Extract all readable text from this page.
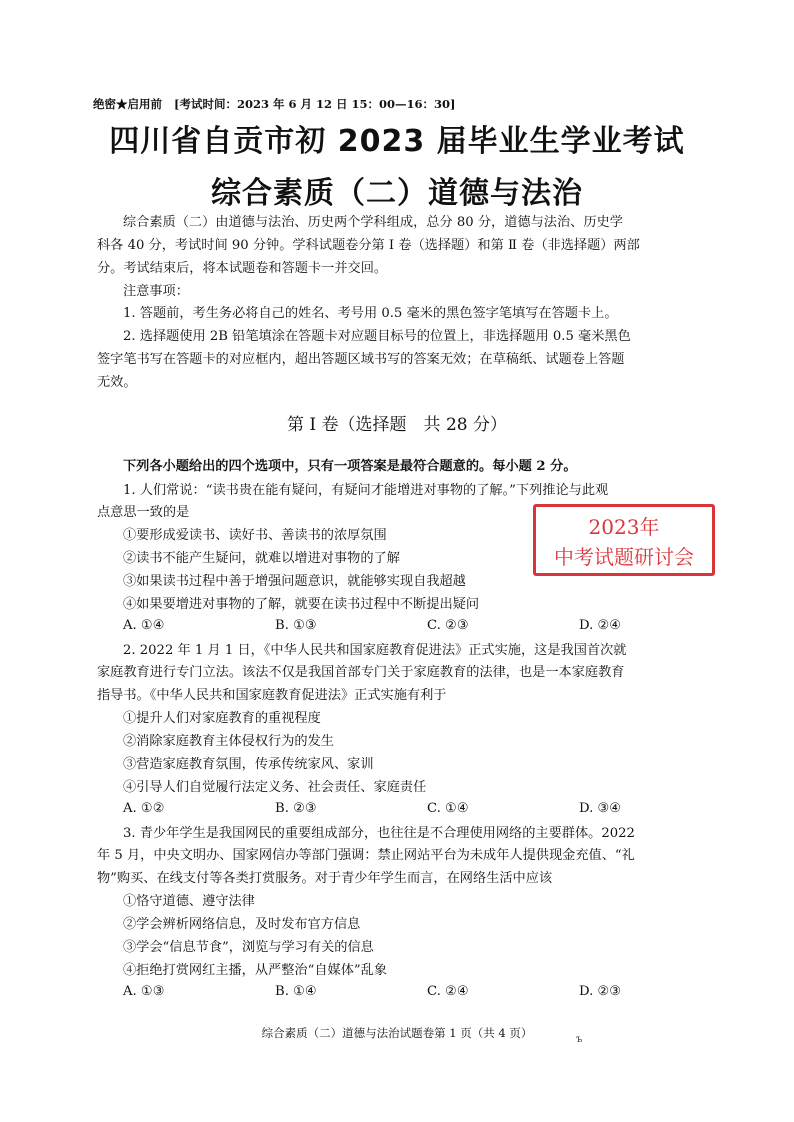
绝密★启用前 [考试时间：2023 年 6 月 12 日 15：00—16：30]
四川省自贡市初 2023 届毕业生学业考试
综合素质（二）道德与法治
综合素质（二）由道德与法治、历史两个学科组成，总分 80 分，道德与法治、历史学
科各 40 分，考试时间 90 分钟。学科试题卷分第 Ⅰ 卷（选择题）和第 Ⅱ 卷（非选择题）两部
分。考试结束后，将本试题卷和答题卡一并交回。
注意事项：
1. 答题前，考生务必将自己的姓名、考号用 0.5 毫米的黑色签字笔填写在答题卡上。
2. 选择题使用 2B 铅笔填涂在答题卡对应题目标号的位置上，非选择题用 0.5 毫米黑色
签字笔书写在答题卡的对应框内，超出答题区域书写的答案无效；在草稿纸、试题卷上答题
无效。
第 Ⅰ 卷（选择题　共 28 分）
下列各小题给出的四个选项中，只有一项答案是最符合题意的。每小题 2 分。
1. 人们常说：“读书贵在能有疑问，有疑问才能增进对事物的了解。”下列推论与此观
点意思一致的是
①要形成爱读书、读好书、善读书的浓厚氛围
②读书不能产生疑问，就难以增进对事物的了解
③如果读书过程中善于增强问题意识，就能够实现自我超越
④如果要增进对事物的了解，就要在读书过程中不断提出疑问
A. ①④	B. ①③	C. ②③	D. ②④
2. 2022 年 1 月 1 日，《中华人民共和国家庭教育促进法》正式实施，这是我国首次就
家庭教育进行专门立法。该法不仅是我国首部专门关于家庭教育的法律，也是一本家庭教育
指导书。《中华人民共和国家庭教育促进法》正式实施有利于
①提升人们对家庭教育的重视程度
②消除家庭教育主体侵权行为的发生
③营造家庭教育氛围，传承传统家风、家训
④引导人们自觉履行法定义务、社会责任、家庭责任
A. ①②	B. ②③	C. ①④	D. ③④
3. 青少年学生是我国网民的重要组成部分，也往往是不合理使用网络的主要群体。2022
年 5 月，中央文明办、国家网信办等部门强调：禁止网站平台为未成年人提供现金充值、“礼
物”购买、在线支付等各类打赏服务。对于青少年学生而言，在网络生活中应该
①恪守道德、遵守法律
②学会辨析网络信息，及时发布官方信息
③学会“信息节食”，浏览与学习有关的信息
④拒绝打赏网红主播，从严整治“自媒体”乱象
A. ①③	B. ①④	C. ②④	D. ②③
2023年
中考试题研讨会
综合素质（二）道德与法治试题卷第 1 页（共 4 页）	ъ
